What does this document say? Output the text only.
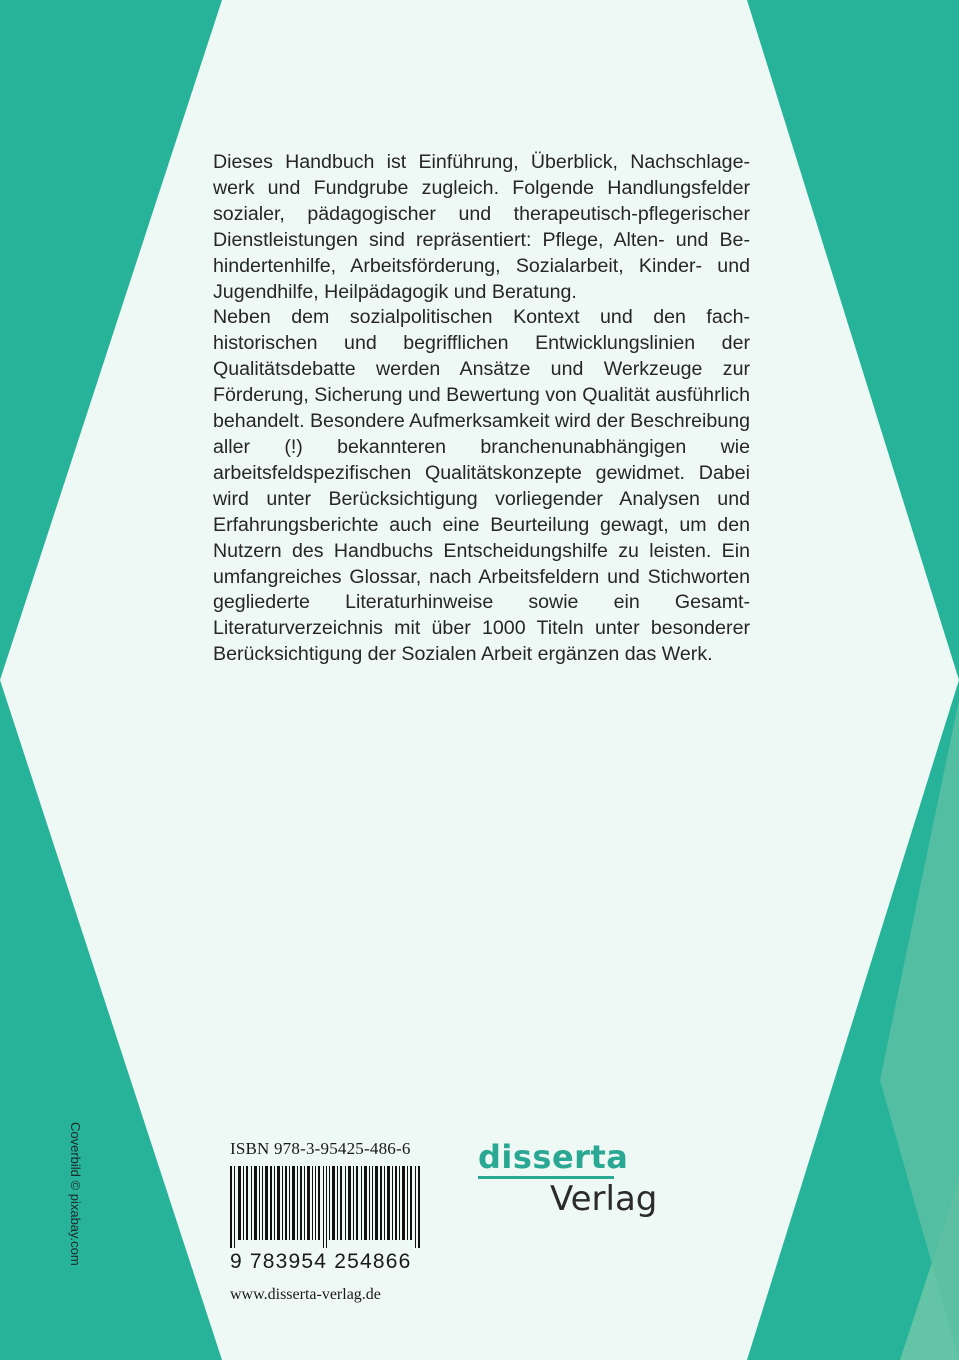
Dieses Handbuch ist Einführung, Überblick, Nachschlagewerk und Fundgrube zugleich. Folgende Handlungsfelder sozialer, pädagogischer und therapeutisch-pflegerischer Dienstleistungen sind repräsentiert: Pflege, Alten- und Behindertenhilfe, Arbeitsförderung, Sozialarbeit, Kinder- und Jugendhilfe, Heilpädagogik und Beratung.

Neben dem sozialpolitischen Kontext und den fachhistorischen und begrifflichen Entwicklungslinien der Qualitätsdebatte werden Ansätze und Werkzeuge zur Förderung, Sicherung und Bewertung von Qualität ausführlich behandelt. Besondere Aufmerksamkeit wird der Beschreibung aller (!) bekannteren branchenunabhängigen wie arbeitsfeldspezifischen Qualitätskonzepte gewidmet. Dabei wird unter Berücksichtigung vorliegender Analysen und Erfahrungsberichte auch eine Beurteilung gewagt, um den Nutzern des Handbuchs Entscheidungshilfe zu leisten. Ein umfangreiches Glossar, nach Arbeitsfeldern und Stichworten gegliederte Literaturhinweise sowie ein Gesamt-Literaturverzeichnis mit über 1000 Titeln unter besonderer Berücksichtigung der Sozialen Arbeit ergänzen das Werk.

Coverbild © pixabay.com	ISBN 978-3-95425-486-6
9 783954 254866
www.disserta-verlag.de
disserta
Verlag
